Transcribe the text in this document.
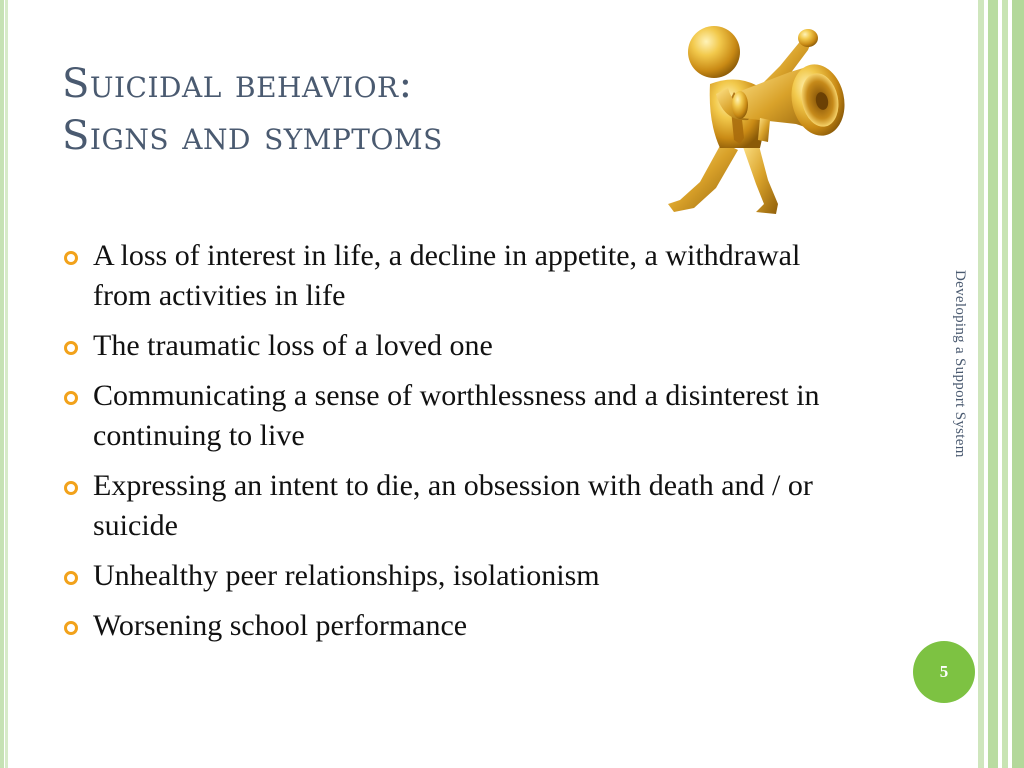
Suicidal behavior:
Signs and symptoms
A loss of interest in life, a decline in appetite, a withdrawal from activities in life
The traumatic loss of a loved one
Communicating a sense of worthlessness and a disinterest in continuing to live
Expressing an intent to die, an obsession with death and / or suicide
Unhealthy peer relationships, isolationism
Worsening school performance
Developing a Support System
5
